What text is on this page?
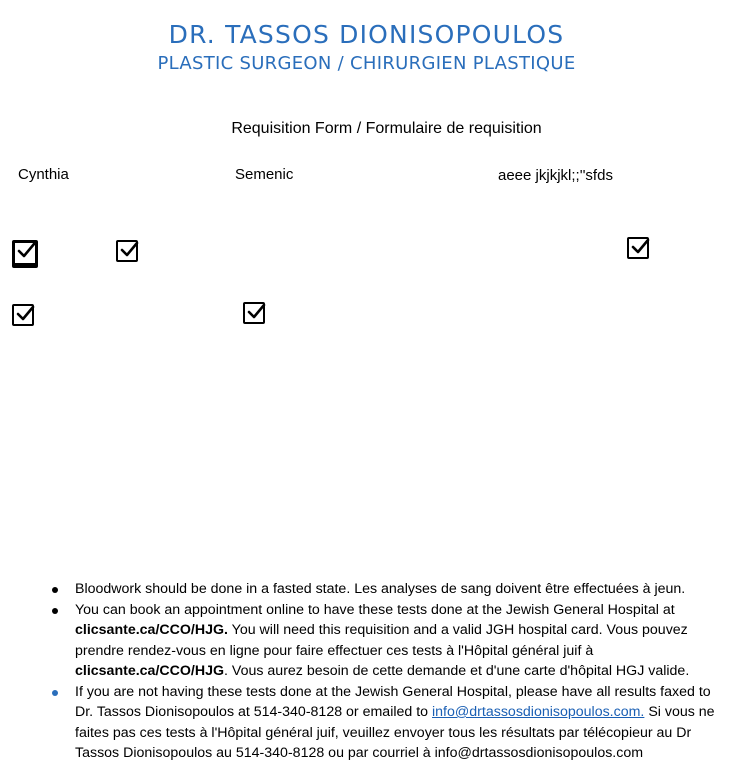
DR. TASSOS DIONISOPOULOS
PLASTIC SURGEON / CHIRURGIEN PLASTIQUE
Requisition Form / Formulaire de requisition
Cynthia	Semenic	aeee jkjkjkl;;''sfds
Bloodwork should be done in a fasted state. Les analyses de sang doivent être effectuées à jeun.
You can book an appointment online to have these tests done at the Jewish General Hospital at
clicsante.ca/CCO/HJG. You will need this requisition and a valid JGH hospital card. Vous pouvez prendre rendez-vous en ligne pour faire effectuer ces tests à l'Hôpital général juif à
clicsante.ca/CCO/HJG. Vous aurez besoin de cette demande et d'une carte d'hôpital HGJ valide.
If you are not having these tests done at the Jewish General Hospital, please have all results faxed to Dr. Tassos Dionisopoulos at 514-340-8128 or emailed to info@drtassosdionisopoulos.com. Si vous ne faites pas ces tests à l'Hôpital général juif, veuillez envoyer tous les résultats par télécopieur au Dr Tassos Dionisopoulos au 514-340-8128 ou par courriel à info@drtassosdionisopoulos.com
